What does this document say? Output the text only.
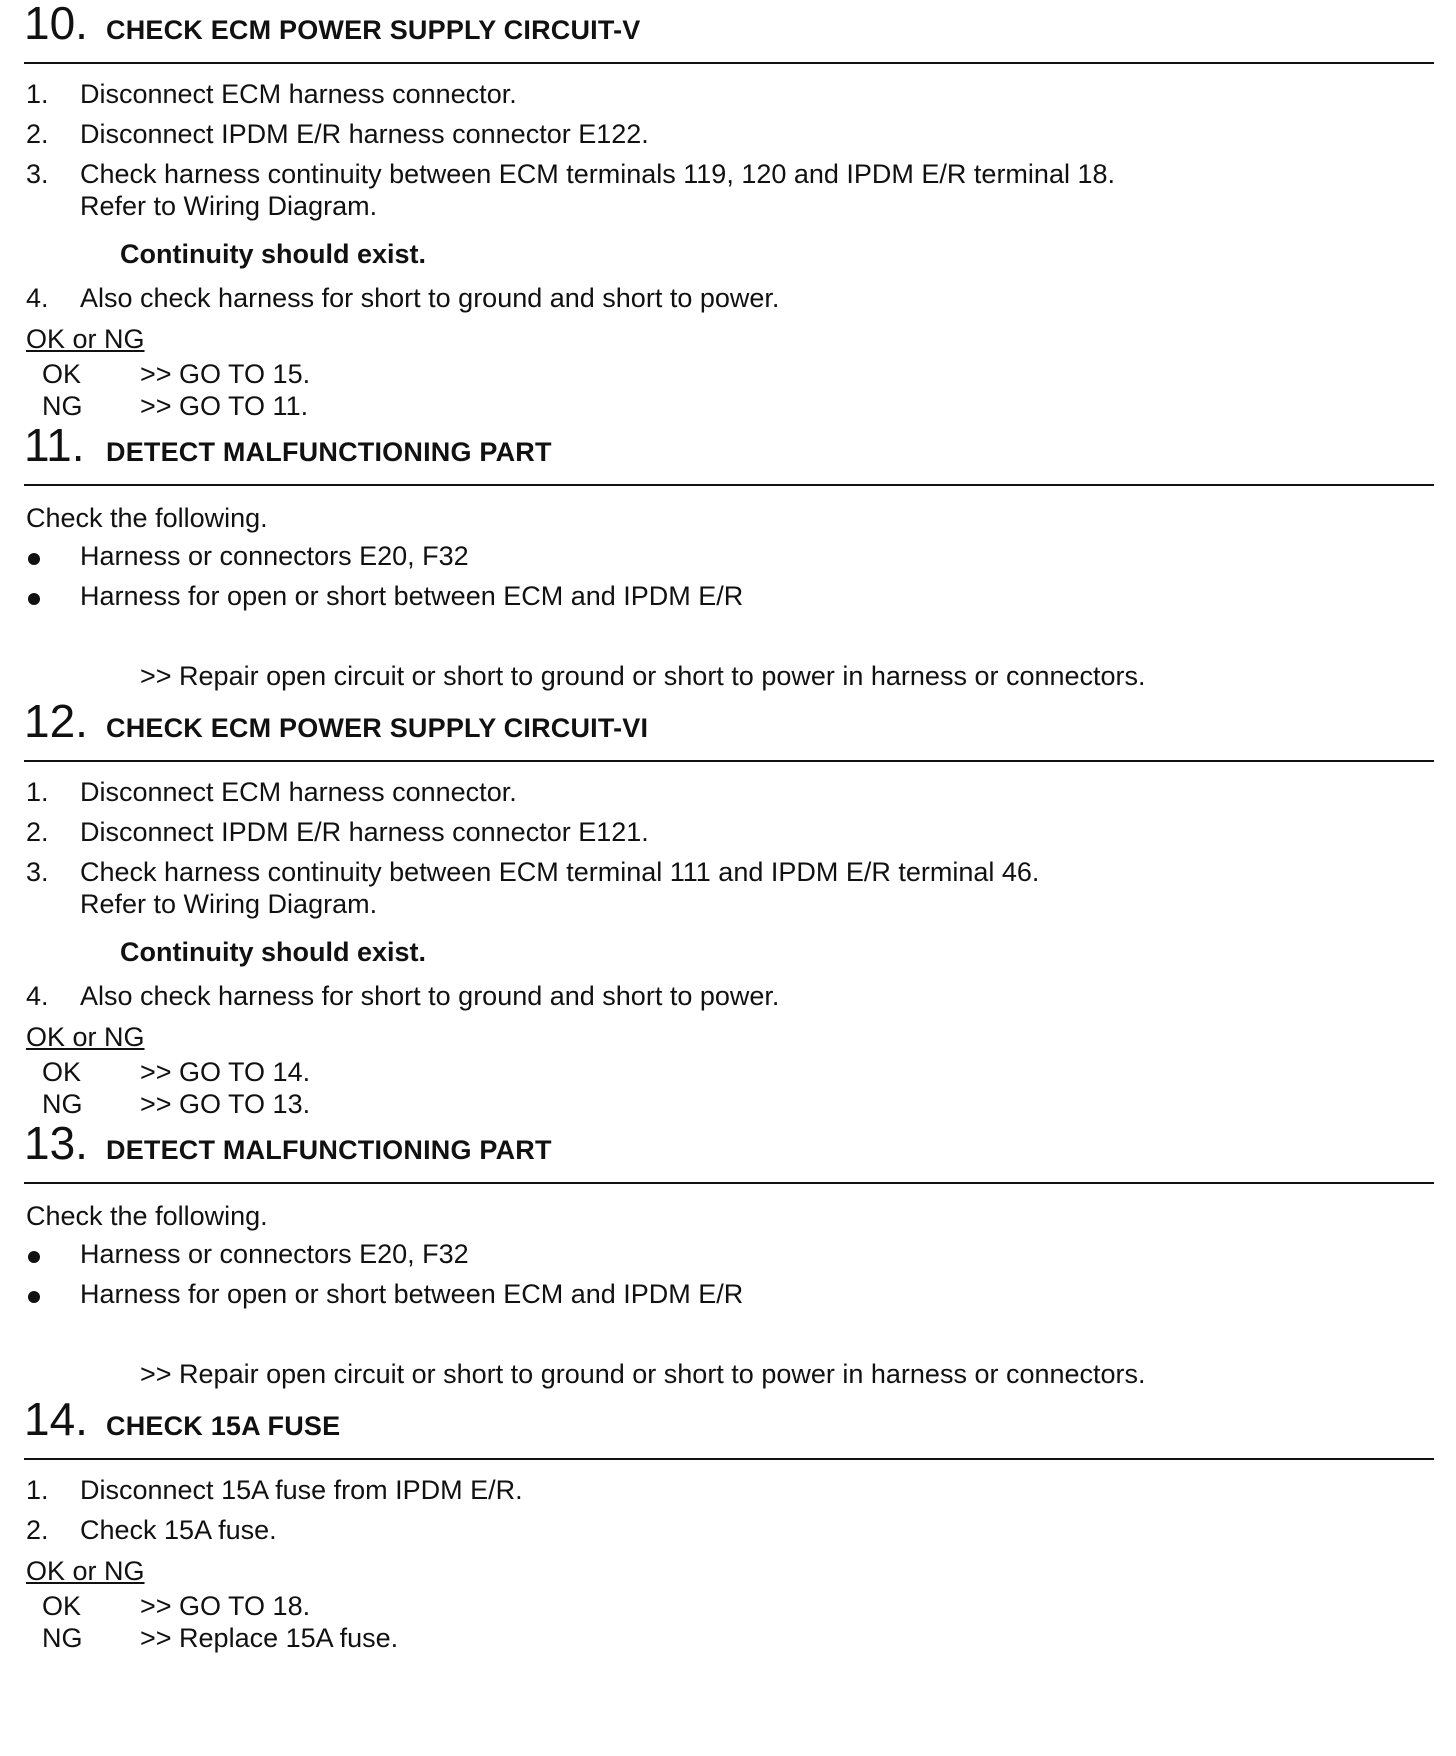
10. CHECK ECM POWER SUPPLY CIRCUIT-V
1. Disconnect ECM harness connector.
2. Disconnect IPDM E/R harness connector E122.
3. Check harness continuity between ECM terminals 119, 120 and IPDM E/R terminal 18.
Refer to Wiring Diagram.
Continuity should exist.
4. Also check harness for short to ground and short to power.
OK or NG
OK >> GO TO 15.
NG >> GO TO 11.
11. DETECT MALFUNCTIONING PART
Check the following.
Harness or connectors E20, F32
Harness for open or short between ECM and IPDM E/R
>> Repair open circuit or short to ground or short to power in harness or connectors.
12. CHECK ECM POWER SUPPLY CIRCUIT-VI
1. Disconnect ECM harness connector.
2. Disconnect IPDM E/R harness connector E121.
3. Check harness continuity between ECM terminal 111 and IPDM E/R terminal 46.
Refer to Wiring Diagram.
Continuity should exist.
4. Also check harness for short to ground and short to power.
OK or NG
OK >> GO TO 14.
NG >> GO TO 13.
13. DETECT MALFUNCTIONING PART
Check the following.
Harness or connectors E20, F32
Harness for open or short between ECM and IPDM E/R
>> Repair open circuit or short to ground or short to power in harness or connectors.
14. CHECK 15A FUSE
1. Disconnect 15A fuse from IPDM E/R.
2. Check 15A fuse.
OK or NG
OK >> GO TO 18.
NG >> Replace 15A fuse.
